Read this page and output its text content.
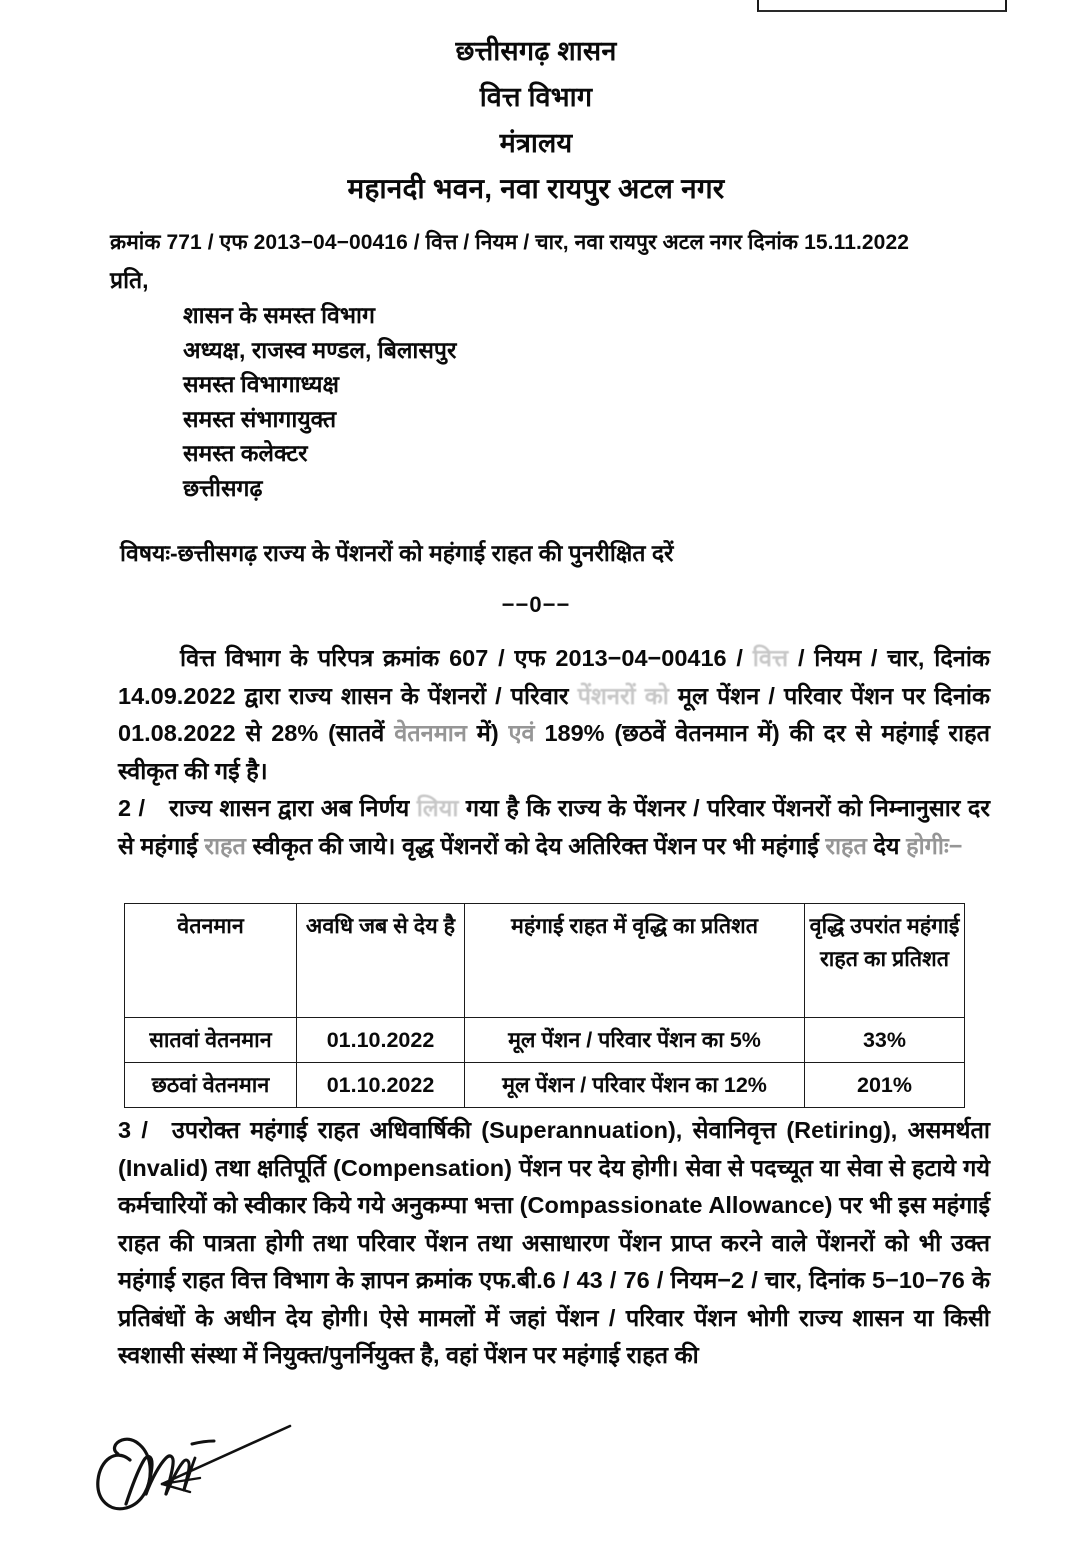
छत्तीसगढ़ शासन
वित्त विभाग
मंत्रालय
महानदी भवन, नवा रायपुर अटल नगर
क्रमांक 771 / एफ 2013−04−00416 / वित्त / नियम / चार, नवा रायपुर अटल नगर दिनांक 15.11.2022
प्रति,
शासन के समस्त विभाग
अध्यक्ष, राजस्व मण्डल, बिलासपुर
समस्त विभागाध्यक्ष
समस्त संभागायुक्त
समस्त कलेक्टर
छत्तीसगढ़
विषयः-छत्तीसगढ़ राज्य के पेंशनरों को महंगाई राहत की पुनरीक्षित दरें
−−0−−
वित्त विभाग के परिपत्र क्रमांक 607 / एफ 2013−04−00416 / वित्त / नियम / चार, दिनांक 14.09.2022 द्वारा राज्य शासन के पेंशनरों / परिवार पेंशनरों को मूल पेंशन / परिवार पेंशन पर दिनांक 01.08.2022 से 28% (सातवें वेतनमान में) एवं 189% (छठवें वेतनमान में) की दर से महंगाई राहत स्वीकृत की गई है।
2 / राज्य शासन द्वारा अब निर्णय लिया गया है कि राज्य के पेंशनर / परिवार पेंशनरों को निम्नानुसार दर से महंगाई राहत स्वीकृत की जाये। वृद्ध पेंशनरों को देय अतिरिक्त पेंशन पर भी महंगाई राहत देय होगीः−
वेतनमान	अवधि जब से देय है	महंगाई राहत में वृद्धि का प्रतिशत	वृद्धि उपरांत महंगाई राहत का प्रतिशत
सातवां वेतनमान	01.10.2022	मूल पेंशन / परिवार पेंशन का 5%	33%
छठवां वेतनमान	01.10.2022	मूल पेंशन / परिवार पेंशन का 12%	201%
3 / उपरोक्त महंगाई राहत अधिवार्षिकी (Superannuation), सेवानिवृत्त (Retiring), असमर्थता (Invalid) तथा क्षतिपूर्ति (Compensation) पेंशन पर देय होगी। सेवा से पदच्यूत या सेवा से हटाये गये कर्मचारियों को स्वीकार किये गये अनुकम्पा भत्ता (Compassionate Allowance) पर भी इस महंगाई राहत की पात्रता होगी तथा परिवार पेंशन तथा असाधारण पेंशन प्राप्त करने वाले पेंशनरों को भी उक्त महंगाई राहत वित्त विभाग के ज्ञापन क्रमांक एफ.बी.6 / 43 / 76 / नियम−2 / चार, दिनांक 5−10−76 के प्रतिबंधों के अधीन देय होगी। ऐसे मामलों में जहां पेंशन / परिवार पेंशन भोगी राज्य शासन या किसी स्वशासी संस्था में नियुक्त/पुनर्नियुक्त है, वहां पेंशन पर महंगाई राहत की
